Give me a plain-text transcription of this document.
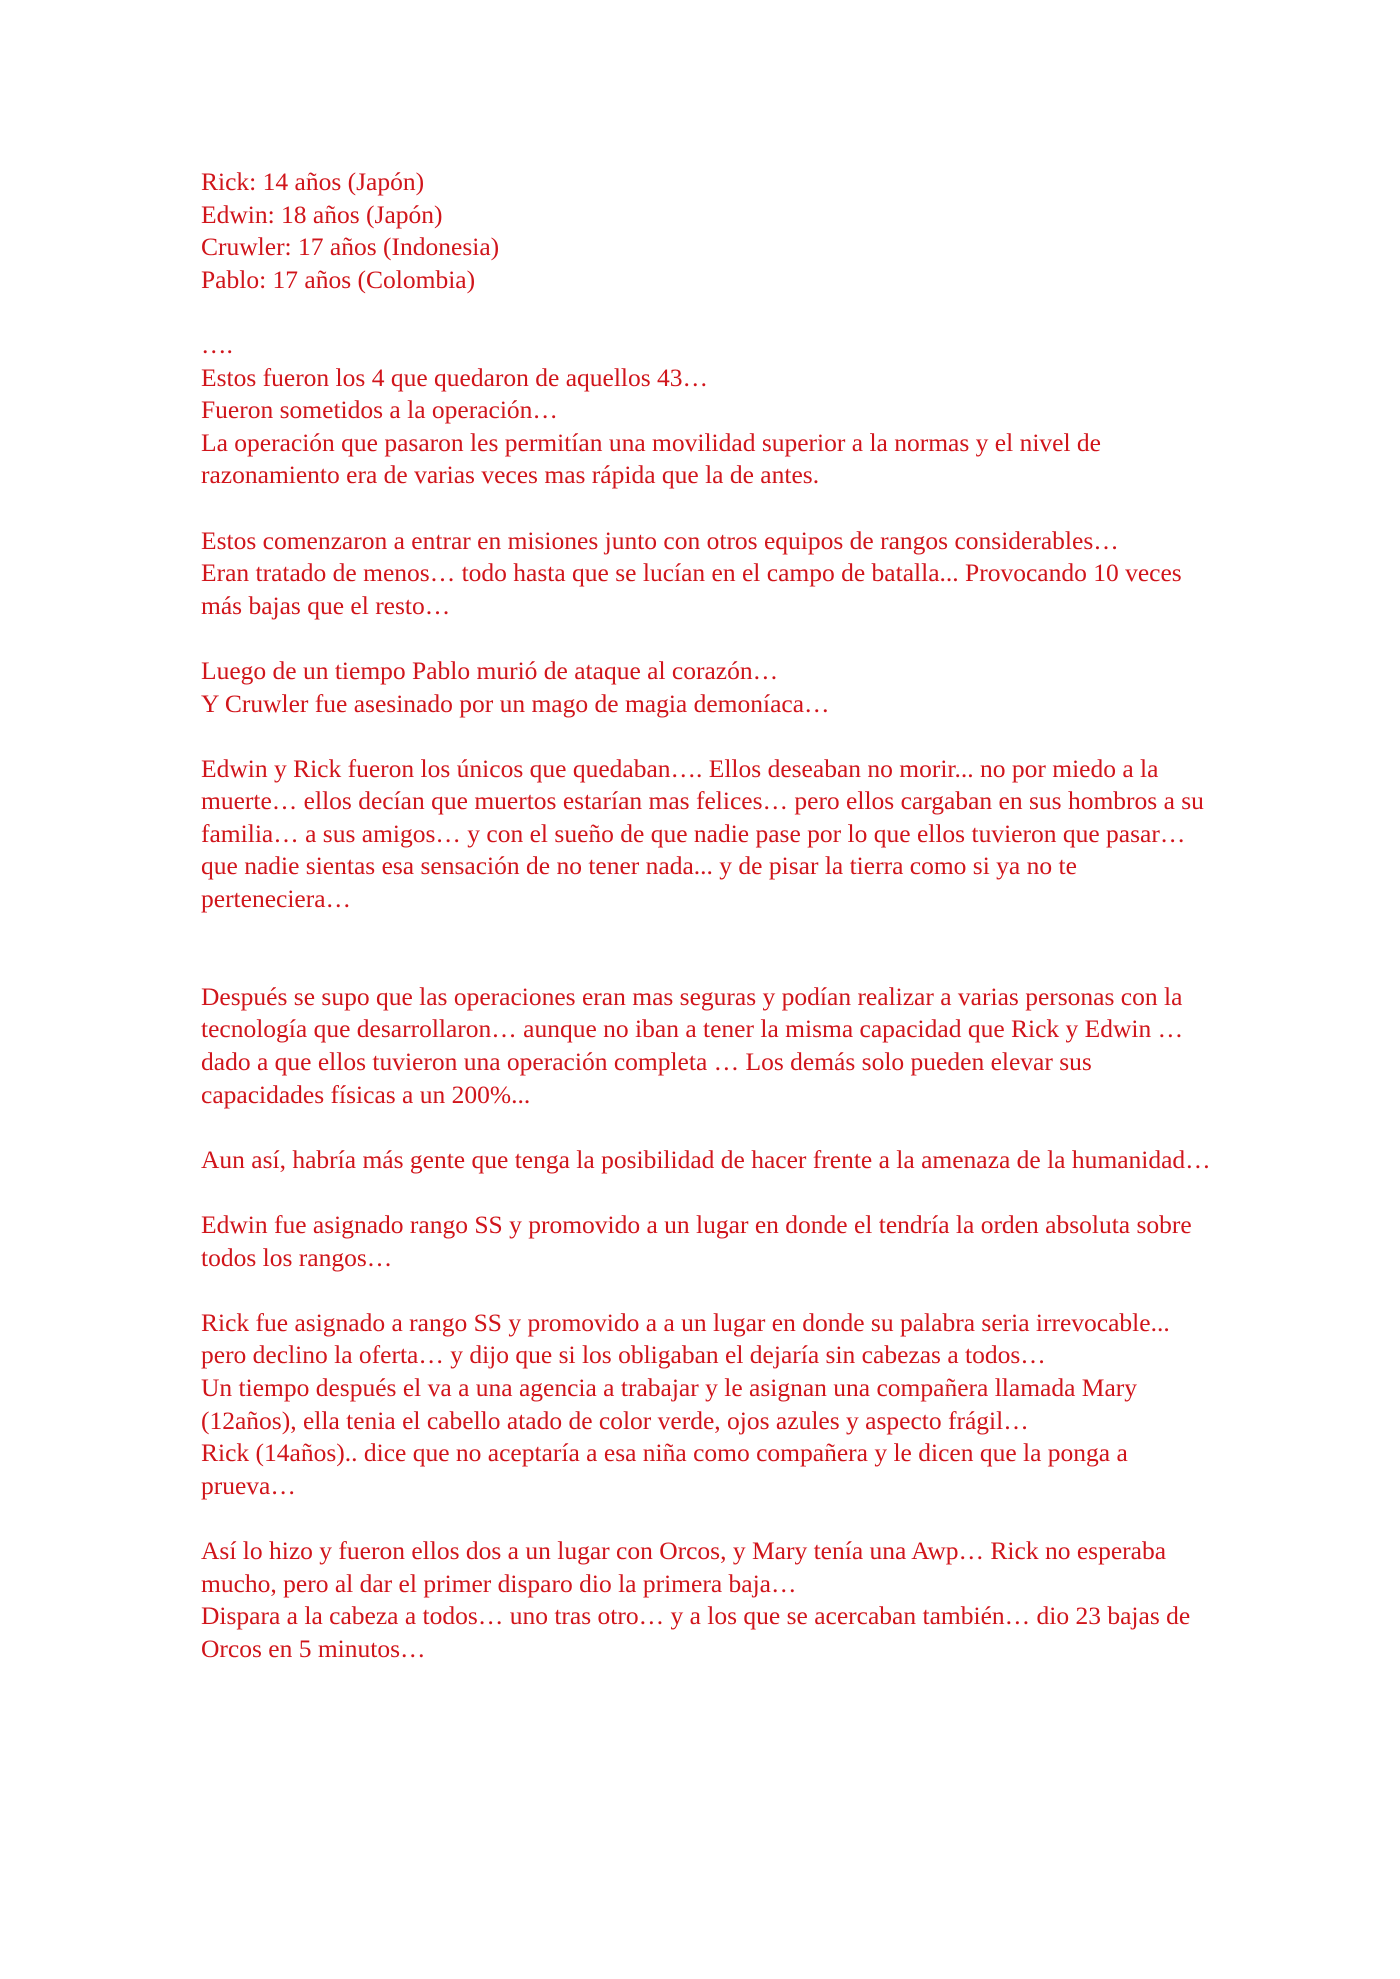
Rick: 14 años (Japón)
Edwin: 18 años (Japón)
Cruwler: 17 años (Indonesia)
Pablo: 17 años (Colombia)
….
Estos fueron los 4 que quedaron de aquellos 43…
Fueron sometidos a la operación…
La operación que pasaron les permitían una movilidad superior a la normas y el nivel de razonamiento era de varias veces mas rápida que la de antes.
Estos comenzaron a entrar en misiones junto con otros equipos de rangos considerables…
Eran tratado de menos… todo hasta que se lucían en el campo de batalla... Provocando 10 veces más bajas que el resto…
Luego de un tiempo Pablo murió de ataque al corazón…
Y Cruwler fue asesinado por un mago de magia demoníaca…
Edwin y Rick fueron los únicos que quedaban…. Ellos deseaban no morir... no por miedo a la muerte… ellos decían que muertos estarían mas felices… pero ellos cargaban en sus hombros a su familia… a sus amigos… y con el sueño de que nadie pase por lo que ellos tuvieron que pasar… que nadie sientas esa sensación de no tener nada... y de pisar la tierra como si ya no te perteneciera…
Después se supo que las operaciones eran mas seguras y podían realizar a varias personas con la tecnología que desarrollaron… aunque no iban a tener la misma capacidad que Rick y Edwin … dado a que ellos tuvieron una operación completa … Los demás solo pueden elevar sus capacidades físicas a un 200%...
Aun así, habría más gente que tenga la posibilidad de hacer frente a la amenaza de la humanidad…
Edwin fue asignado rango SS y promovido a un lugar en donde el tendría la orden absoluta sobre todos los rangos…
Rick fue asignado a rango SS y promovido a a un lugar en donde su palabra seria irrevocable... pero declino la oferta… y dijo que si los obligaban el dejaría sin cabezas a todos…
Un tiempo después el va a una agencia a trabajar y le asignan una compañera llamada Mary (12años), ella tenia el cabello atado de color verde, ojos azules y aspecto frágil…
Rick (14años).. dice que no aceptaría a esa niña como compañera y le dicen que la ponga a prueva…
Así lo hizo y fueron ellos dos a un lugar con Orcos, y Mary tenía una Awp… Rick no esperaba mucho, pero al dar el primer disparo dio la primera baja…
Dispara a la cabeza a todos… uno tras otro… y a los que se acercaban también… dio 23 bajas de Orcos en 5 minutos…
